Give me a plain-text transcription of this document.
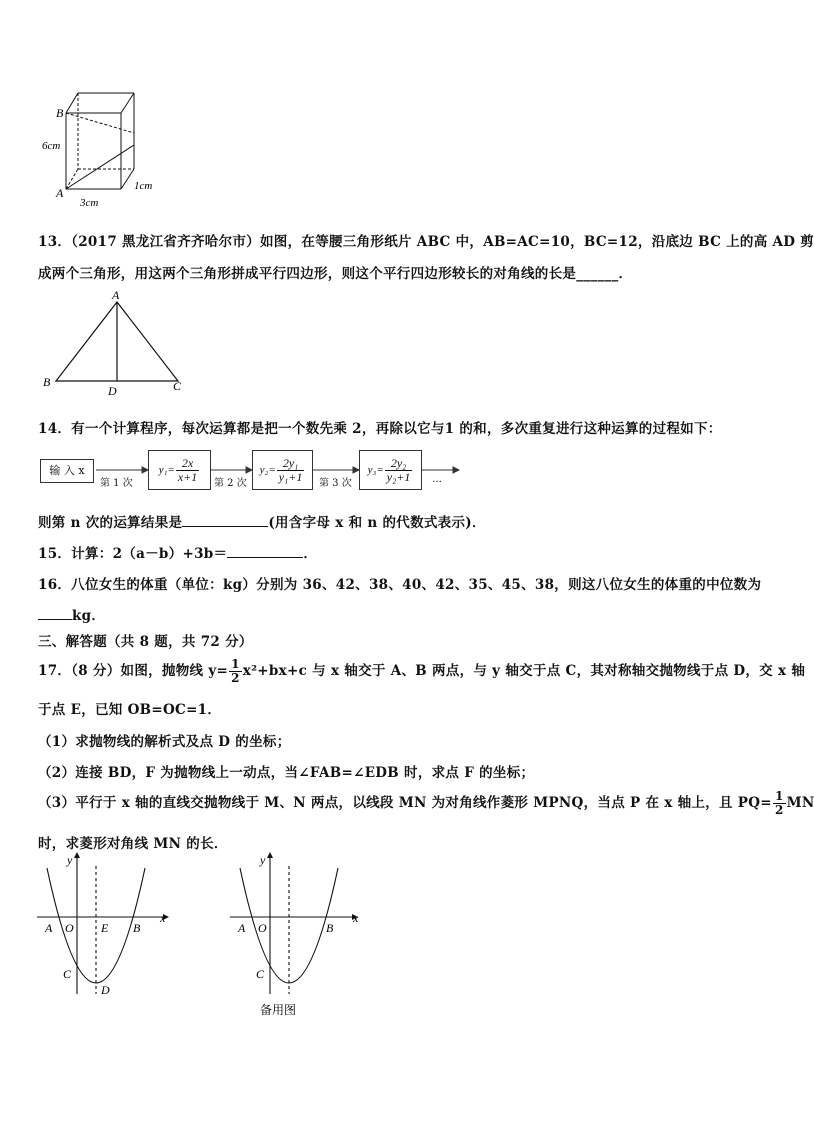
B
A
6cm
3cm
1cm
13．（2017 黑龙江省齐齐哈尔市）如图，在等腰三角形纸片 ABC 中，AB=AC=10，BC=12，沿底边 BC 上的高 AD 剪
成两个三角形，用这两个三角形拼成平行四边形，则这个平行四边形较长的对角线的长是______．
A
B	C
D
14．有一个计算程序，每次运算都是把一个数先乘 2，再除以它与1 的和，多次重复进行这种运算的过程如下：
输 入 x	$y_1= \frac{2x}{x+1}$	$y_2= \frac{\text{2y₁}}{\text{y₁+1}}$	$y_3= \frac{\text{2y₂}}{\text{y₂+1}}$
第 1 次	第 2 次	第 3 次	…
则第 n 次的运算结果是	(用含字母 x 和 n 的代数式表示)．
15．计算：2（a－b）+3b＝	．
16．八位女生的体重（单位：kg）分别为 36、42、38、40、42、35、45、38，则这八位女生的体重的中位数为
kg．
三、解答题（共 8 题，共 72 分）
17．（8 分）如图，抛物线 $y= \frac{1}{2} x^2+bx+c$ 与 x 轴交于 A、B 两点，与 y 轴交于点 C，其对称轴交抛物线于点 D，交 x 轴
于点 E，已知 OB=OC=1．
（1）求抛物线的解析式及点 D 的坐标；
（2）连接 BD，F 为抛物线上一动点，当∠FAB=∠EDB 时，求点 F 的坐标；
（3）平行于 x 轴的直线交抛物线于 M、N 两点，以线段 MN 为对角线作菱形 MPNQ，当点 P 在 x 轴上，且 $PQ= \frac{1}{2}$ MN
时，求菱形对角线 MN 的长．
y
x
A O E B
C
D
y
x
A O	B
C
备用图
